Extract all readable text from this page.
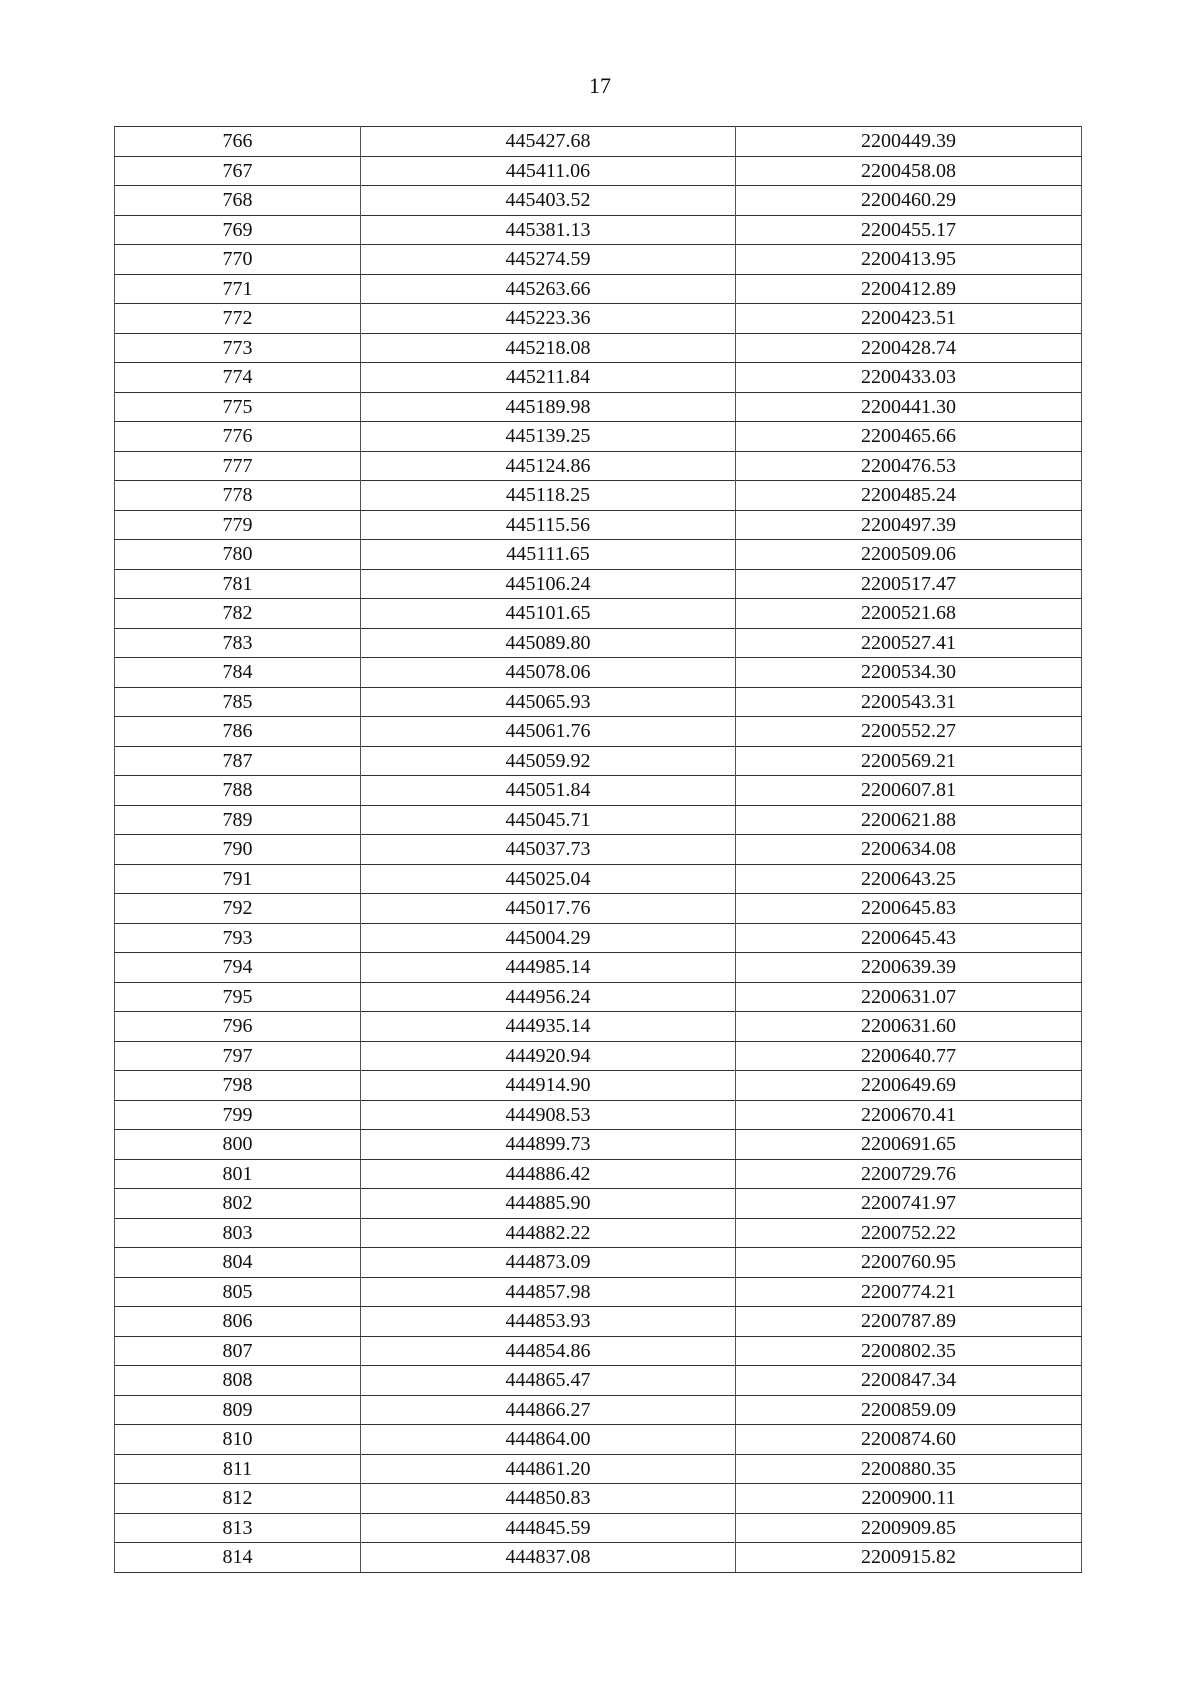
17
766	445427.68	2200449.39
767	445411.06	2200458.08
768	445403.52	2200460.29
769	445381.13	2200455.17
770	445274.59	2200413.95
771	445263.66	2200412.89
772	445223.36	2200423.51
773	445218.08	2200428.74
774	445211.84	2200433.03
775	445189.98	2200441.30
776	445139.25	2200465.66
777	445124.86	2200476.53
778	445118.25	2200485.24
779	445115.56	2200497.39
780	445111.65	2200509.06
781	445106.24	2200517.47
782	445101.65	2200521.68
783	445089.80	2200527.41
784	445078.06	2200534.30
785	445065.93	2200543.31
786	445061.76	2200552.27
787	445059.92	2200569.21
788	445051.84	2200607.81
789	445045.71	2200621.88
790	445037.73	2200634.08
791	445025.04	2200643.25
792	445017.76	2200645.83
793	445004.29	2200645.43
794	444985.14	2200639.39
795	444956.24	2200631.07
796	444935.14	2200631.60
797	444920.94	2200640.77
798	444914.90	2200649.69
799	444908.53	2200670.41
800	444899.73	2200691.65
801	444886.42	2200729.76
802	444885.90	2200741.97
803	444882.22	2200752.22
804	444873.09	2200760.95
805	444857.98	2200774.21
806	444853.93	2200787.89
807	444854.86	2200802.35
808	444865.47	2200847.34
809	444866.27	2200859.09
810	444864.00	2200874.60
811	444861.20	2200880.35
812	444850.83	2200900.11
813	444845.59	2200909.85
814	444837.08	2200915.82
